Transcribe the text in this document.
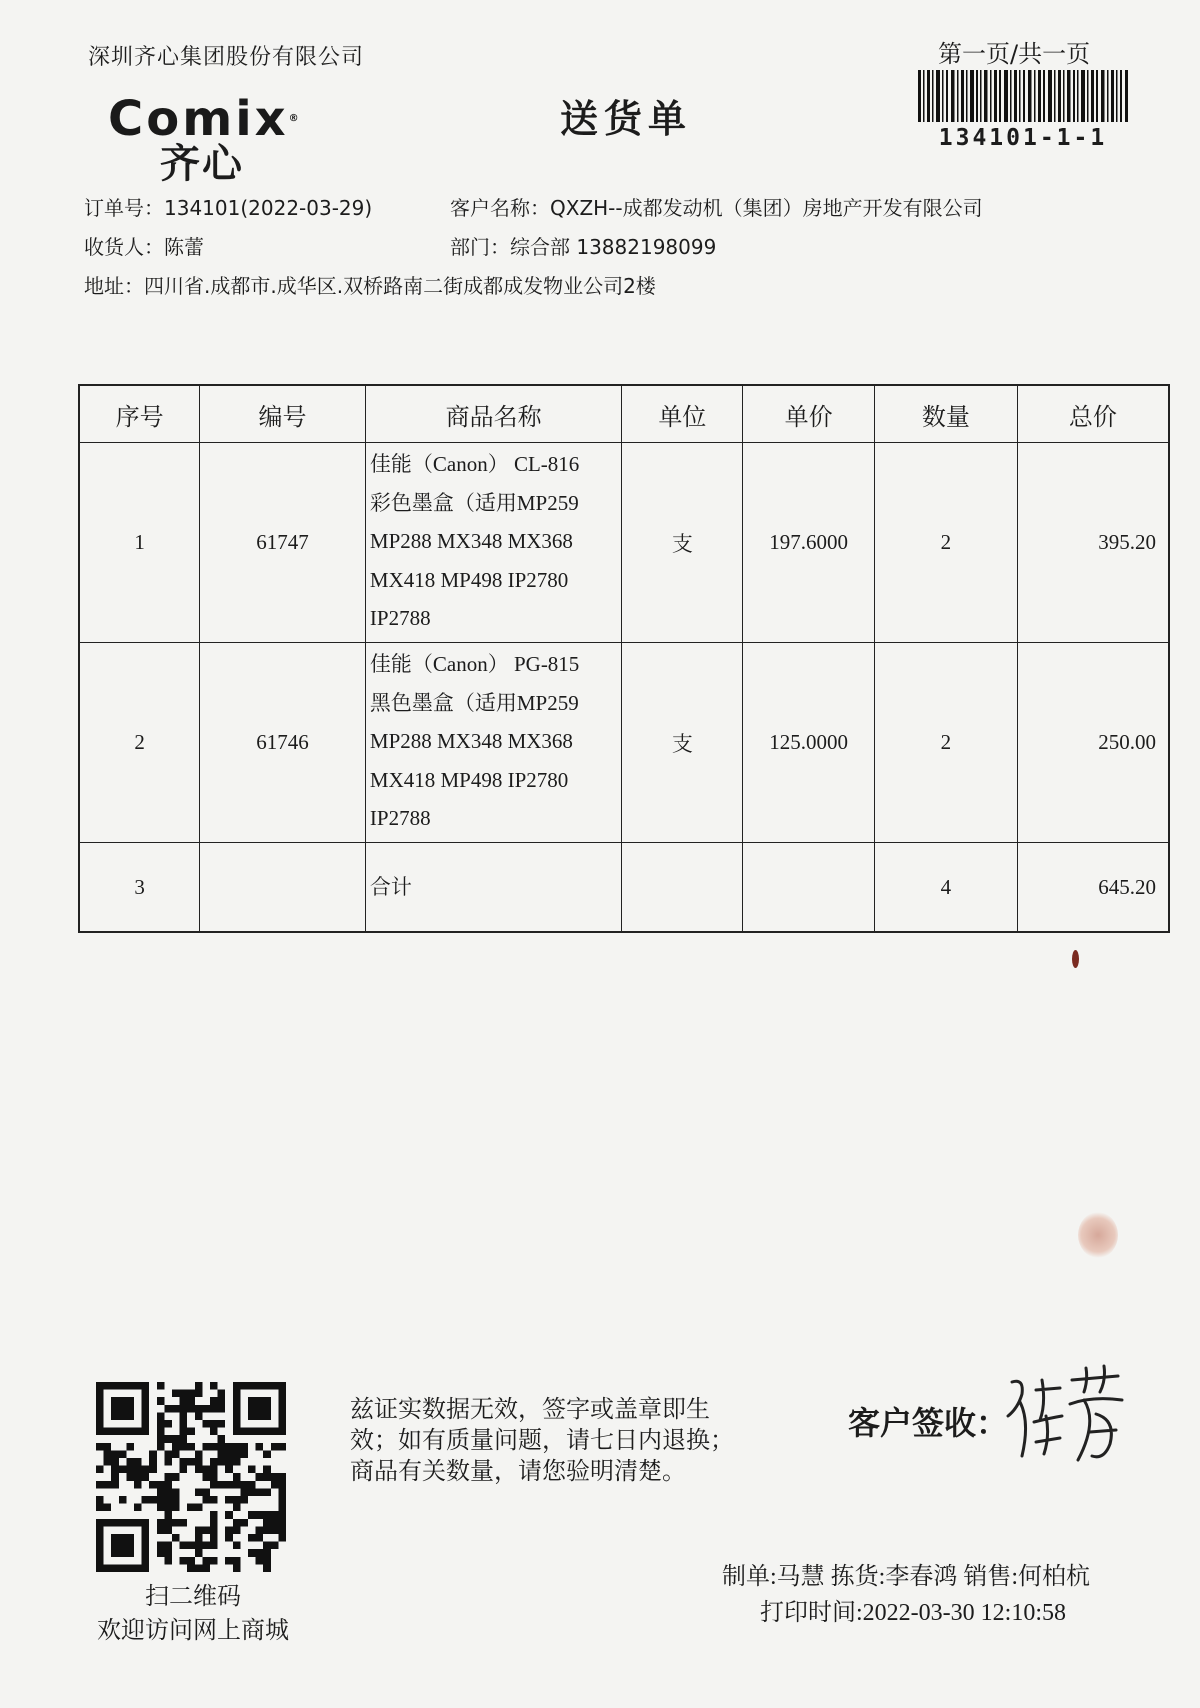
深圳齐心集团股份有限公司	第一页/共一页
Comix®
齐心
送货单	134101-1-1
订单号：134101(2022-03-29)	客户名称：QXZH--成都发动机（集团）房地产开发有限公司
收货人：陈蕾	部门：综合部 13882198099
地址：四川省.成都市.成华区.双桥路南二街成都成发物业公司2楼
序号	编号	商品名称	单位	单价	数量	总价
1	61747	佳能（Canon） CL-816
彩色墨盒（适用MP259
MP288 MX348 MX368
MX418 MP498 IP2780
IP2788	支	197.6000	2	395.20
2	61746	佳能（Canon） PG-815
黑色墨盒（适用MP259
MP288 MX348 MX368
MX418 MP498 IP2780
IP2788	支	125.0000	2	250.00
3		合计			4	645.20
扫二维码
欢迎访问网上商城
兹证实数据无效，签字或盖章即生
效；如有质量问题，请七日内退换；
商品有关数量，请您验明清楚。
客户签收：
制单:马慧 拣货:李春鸿 销售:何柏杭
打印时间:2022-03-30 12:10:58
